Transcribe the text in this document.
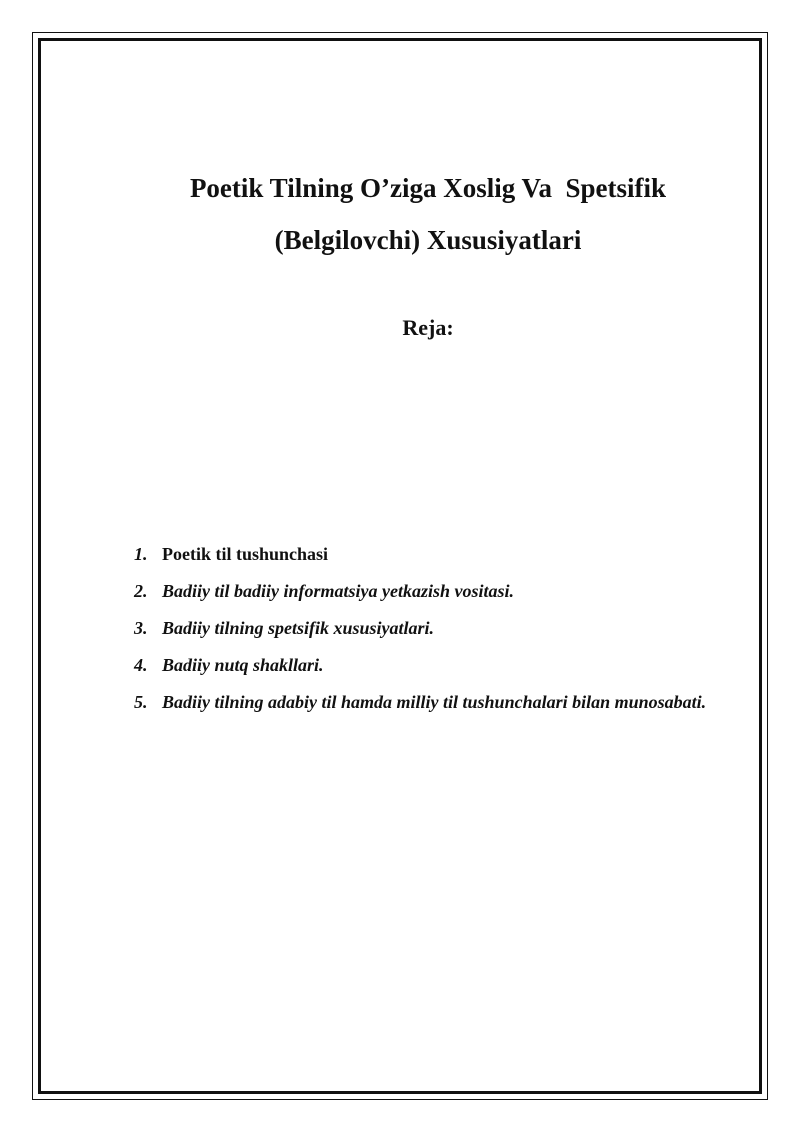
Poetik Tilning O’ziga Xoslig Va  Spetsifik
(Belgilovchi) Xususiyatlari

Reja:

1. Poetik til tushunchasi
2. Badiiy til badiiy informatsiya yetkazish vositasi.
3. Badiiy tilning spetsifik xususiyatlari.
4. Badiiy nutq shakllari.
5. Badiiy tilning adabiy til hamda milliy til tushunchalari bilan munosabati.
